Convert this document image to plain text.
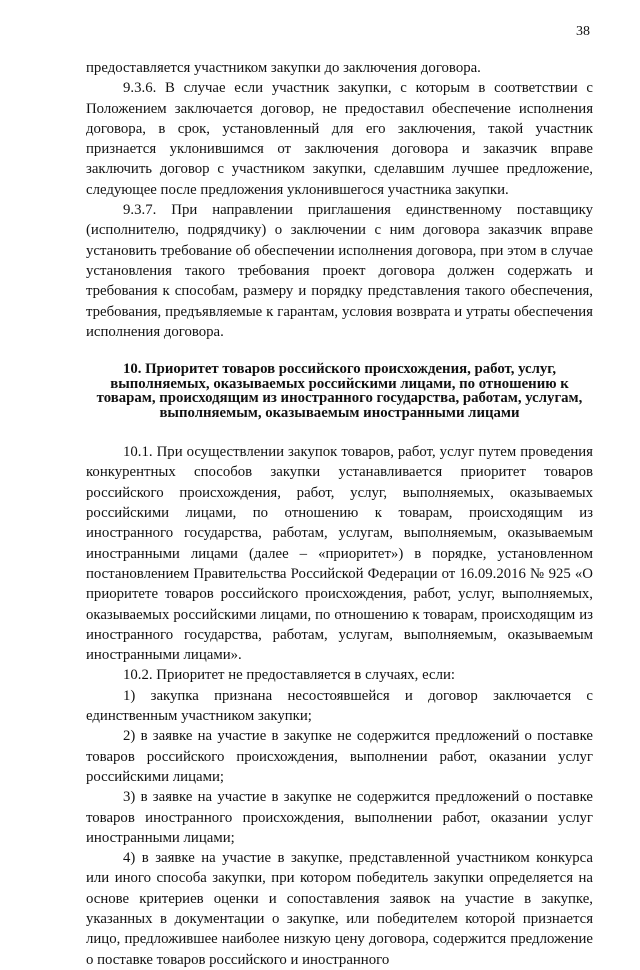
38

предоставляется участником закупки до заключения договора.

9.3.6. В случае если участник закупки, с которым в соответствии с Положением заключается договор, не предоставил обеспечение исполнения договора, в срок, установленный для его заключения, такой участник признается уклонившимся от заключения договора и заказчик вправе заключить договор с участником закупки, сделавшим лучшее предложение, следующее после предложения уклонившегося участника закупки.

9.3.7. При направлении приглашения единственному поставщику (исполнителю, подрядчику) о заключении с ним договора заказчик вправе установить требование об обеспечении исполнения договора, при этом в случае установления такого требования проект договора должен содержать и требования к способам, размеру и порядку представления такого обеспечения, требования, предъявляемые к гарантам, условия возврата и утраты обеспечения исполнения договора.

10. Приоритет товаров российского происхождения, работ, услуг, выполняемых, оказываемых российскими лицами, по отношению к товарам, происходящим из иностранного государства, работам, услугам, выполняемым, оказываемым иностранными лицами

10.1. При осуществлении закупок товаров, работ, услуг путем проведения конкурентных способов закупки устанавливается приоритет товаров российского происхождения, работ, услуг, выполняемых, оказываемых российскими лицами, по отношению к товарам, происходящим из иностранного государства, работам, услугам, выполняемым, оказываемым иностранными лицами (далее – «приоритет») в порядке, установленном постановлением Правительства Российской Федерации от 16.09.2016 № 925 «О приоритете товаров российского происхождения, работ, услуг, выполняемых, оказываемых российскими лицами, по отношению к товарам, происходящим из иностранного государства, работам, услугам, выполняемым, оказываемым иностранными лицами».

10.2. Приоритет не предоставляется в случаях, если:

1) закупка признана несостоявшейся и договор заключается с единственным участником закупки;

2) в заявке на участие в закупке не содержится предложений о поставке товаров российского происхождения, выполнении работ, оказании услуг российскими лицами;

3) в заявке на участие в закупке не содержится предложений о поставке товаров иностранного происхождения, выполнении работ, оказании услуг иностранными лицами;

4) в заявке на участие в закупке, представленной участником конкурса или иного способа закупки, при котором победитель закупки определяется на основе критериев оценки и сопоставления заявок на участие в закупке, указанных в документации о закупке, или победителем которой признается лицо, предложившее наиболее низкую цену договора, содержится предложение о поставке товаров российского и иностранного
